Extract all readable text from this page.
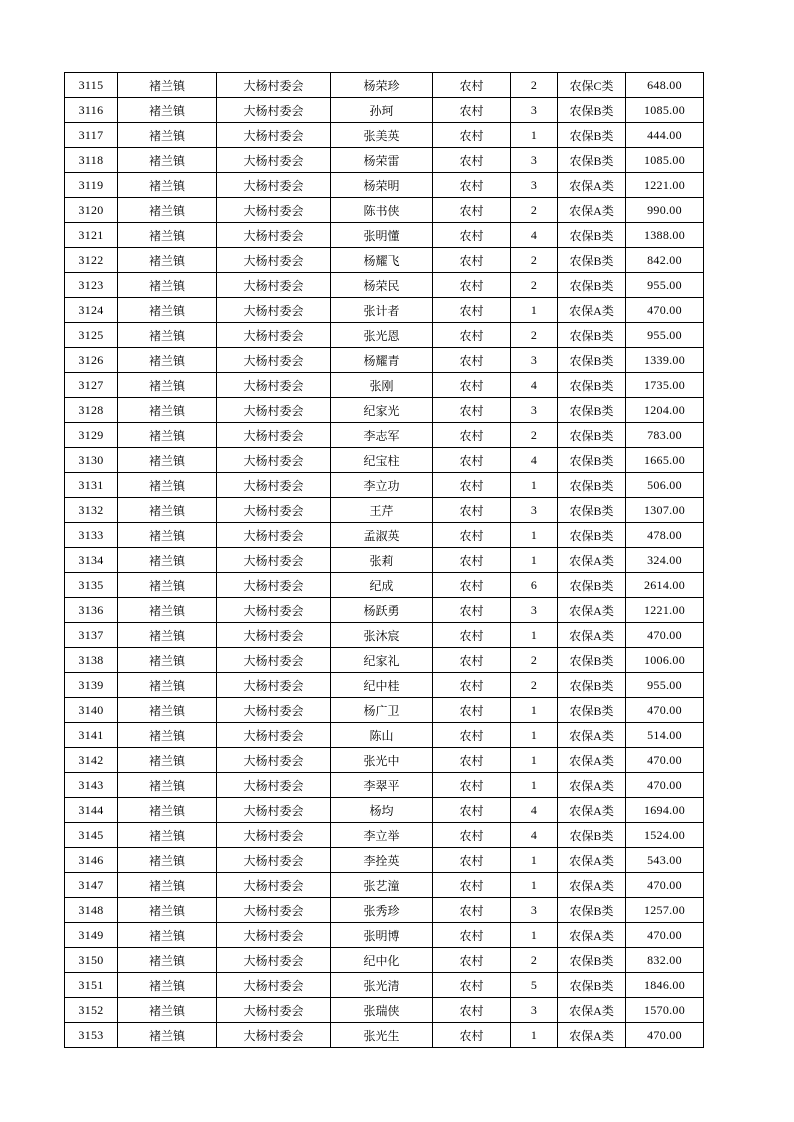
3115	褚兰镇	大杨村委会	杨荣珍	农村	2	农保C类	648.00
3116	褚兰镇	大杨村委会	孙珂	农村	3	农保B类	1085.00
3117	褚兰镇	大杨村委会	张美英	农村	1	农保B类	444.00
3118	褚兰镇	大杨村委会	杨荣雷	农村	3	农保B类	1085.00
3119	褚兰镇	大杨村委会	杨荣明	农村	3	农保A类	1221.00
3120	褚兰镇	大杨村委会	陈书侠	农村	2	农保A类	990.00
3121	褚兰镇	大杨村委会	张明懂	农村	4	农保B类	1388.00
3122	褚兰镇	大杨村委会	杨耀飞	农村	2	农保B类	842.00
3123	褚兰镇	大杨村委会	杨荣民	农村	2	农保B类	955.00
3124	褚兰镇	大杨村委会	张计者	农村	1	农保A类	470.00
3125	褚兰镇	大杨村委会	张光恩	农村	2	农保B类	955.00
3126	褚兰镇	大杨村委会	杨耀青	农村	3	农保B类	1339.00
3127	褚兰镇	大杨村委会	张刚	农村	4	农保B类	1735.00
3128	褚兰镇	大杨村委会	纪家光	农村	3	农保B类	1204.00
3129	褚兰镇	大杨村委会	李志军	农村	2	农保B类	783.00
3130	褚兰镇	大杨村委会	纪宝柱	农村	4	农保B类	1665.00
3131	褚兰镇	大杨村委会	李立功	农村	1	农保B类	506.00
3132	褚兰镇	大杨村委会	王芹	农村	3	农保B类	1307.00
3133	褚兰镇	大杨村委会	孟淑英	农村	1	农保B类	478.00
3134	褚兰镇	大杨村委会	张莉	农村	1	农保A类	324.00
3135	褚兰镇	大杨村委会	纪成	农村	6	农保B类	2614.00
3136	褚兰镇	大杨村委会	杨跃勇	农村	3	农保A类	1221.00
3137	褚兰镇	大杨村委会	张沐宸	农村	1	农保A类	470.00
3138	褚兰镇	大杨村委会	纪家礼	农村	2	农保B类	1006.00
3139	褚兰镇	大杨村委会	纪中桂	农村	2	农保B类	955.00
3140	褚兰镇	大杨村委会	杨广卫	农村	1	农保B类	470.00
3141	褚兰镇	大杨村委会	陈山	农村	1	农保A类	514.00
3142	褚兰镇	大杨村委会	张光中	农村	1	农保A类	470.00
3143	褚兰镇	大杨村委会	李翠平	农村	1	农保A类	470.00
3144	褚兰镇	大杨村委会	杨均	农村	4	农保A类	1694.00
3145	褚兰镇	大杨村委会	李立举	农村	4	农保B类	1524.00
3146	褚兰镇	大杨村委会	李拴英	农村	1	农保A类	543.00
3147	褚兰镇	大杨村委会	张艺潼	农村	1	农保A类	470.00
3148	褚兰镇	大杨村委会	张秀珍	农村	3	农保B类	1257.00
3149	褚兰镇	大杨村委会	张明博	农村	1	农保A类	470.00
3150	褚兰镇	大杨村委会	纪中化	农村	2	农保B类	832.00
3151	褚兰镇	大杨村委会	张光清	农村	5	农保B类	1846.00
3152	褚兰镇	大杨村委会	张瑞侠	农村	3	农保A类	1570.00
3153	褚兰镇	大杨村委会	张光生	农村	1	农保A类	470.00
